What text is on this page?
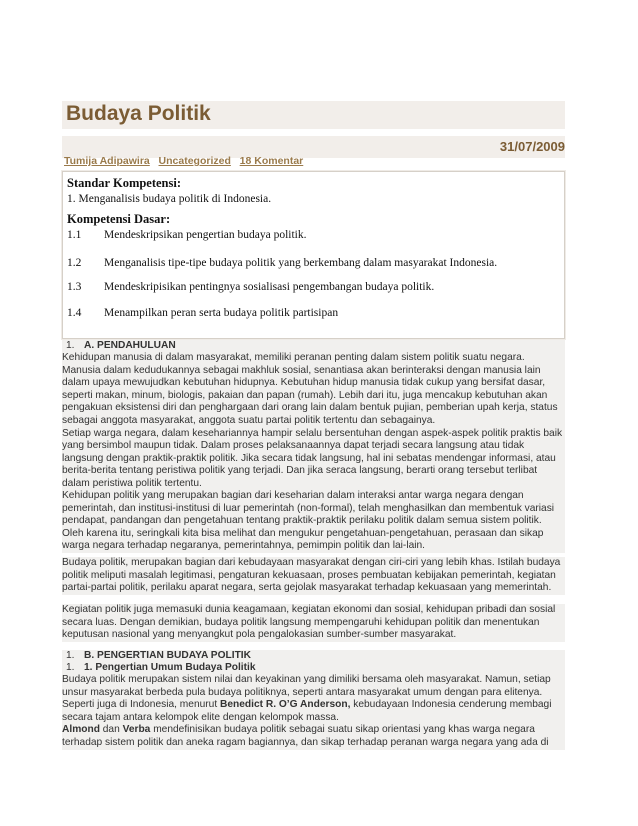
Budaya Politik
31/07/2009
Tumija Adipawira Uncategorized 18 Komentar
Standar Kompetensi:
1. Menganalisis budaya politik di Indonesia.
Kompetensi Dasar:
1.1 Mendeskripsikan pengertian budaya politik.
1.2 Menganalisis tipe-tipe budaya politik yang berkembang dalam masyarakat Indonesia.
1.3 Mendeskripisikan pentingnya sosialisasi pengembangan budaya politik.
1.4 Menampilkan peran serta budaya politik partisipan
1. A. PENDAHULUAN

Kehidupan manusia di dalam masyarakat, memiliki peranan penting dalam sistem politik suatu negara.

Manusia dalam kedudukannya sebagai makhluk sosial, senantiasa akan berinteraksi dengan manusia lain

dalam upaya mewujudkan kebutuhan hidupnya. Kebutuhan hidup manusia tidak cukup yang bersifat dasar,

seperti makan, minum, biologis, pakaian dan papan (rumah). Lebih dari itu, juga mencakup kebutuhan akan

pengakuan eksistensi diri dan penghargaan dari orang lain dalam bentuk pujian, pemberian upah kerja, status

sebagai anggota masyarakat, anggota suatu partai politik tertentu dan sebagainya.

Setiap warga negara, dalam kesehariannya hampir selalu bersentuhan dengan aspek-aspek politik praktis baik

yang bersimbol maupun tidak. Dalam proses pelaksanaannya dapat terjadi secara langsung atau tidak

langsung dengan praktik-praktik politik. Jika secara tidak langsung, hal ini sebatas mendengar informasi, atau

berita-berita tentang peristiwa politik yang terjadi. Dan jika seraca langsung, berarti orang tersebut terlibat

dalam peristiwa politik tertentu.

Kehidupan politik yang merupakan bagian dari keseharian dalam interaksi antar warga negara dengan

pemerintah, dan institusi-institusi di luar pemerintah (non-formal), telah menghasilkan dan membentuk variasi

pendapat, pandangan dan pengetahuan tentang praktik-praktik perilaku politik dalam semua sistem politik.

Oleh karena itu, seringkali kita bisa melihat dan mengukur pengetahuan-pengetahuan, perasaan dan sikap

warga negara terhadap negaranya, pemerintahnya, pemimpin politik dan lai-lain.

Budaya politik, merupakan bagian dari kebudayaan masyarakat dengan ciri-ciri yang lebih khas. Istilah budaya

politik meliputi masalah legitimasi, pengaturan kekuasaan, proses pembuatan kebijakan pemerintah, kegiatan

partai-partai politik, perilaku aparat negara, serta gejolak masyarakat terhadap kekuasaan yang memerintah.

Kegiatan politik juga memasuki dunia keagamaan, kegiatan ekonomi dan sosial, kehidupan pribadi dan sosial

secara luas. Dengan demikian, budaya politik langsung mempengaruhi kehidupan politik dan menentukan

keputusan nasional yang menyangkut pola pengalokasian sumber-sumber masyarakat.

1. B. PENGERTIAN BUDAYA POLITIK
1. 1. Pengertian Umum Budaya Politik

Budaya politik merupakan sistem nilai dan keyakinan yang dimiliki bersama oleh masyarakat. Namun, setiap

unsur masyarakat berbeda pula budaya politiknya, seperti antara masyarakat umum dengan para elitenya.

Seperti juga di Indonesia, menurut Benedict R. O’G Anderson, kebudayaan Indonesia cenderung membagi

secara tajam antara kelompok elite dengan kelompok massa.

Almond dan Verba mendefinisikan budaya politik sebagai suatu sikap orientasi yang khas warga negara

terhadap sistem politik dan aneka ragam bagiannya, dan sikap terhadap peranan warga negara yang ada di
